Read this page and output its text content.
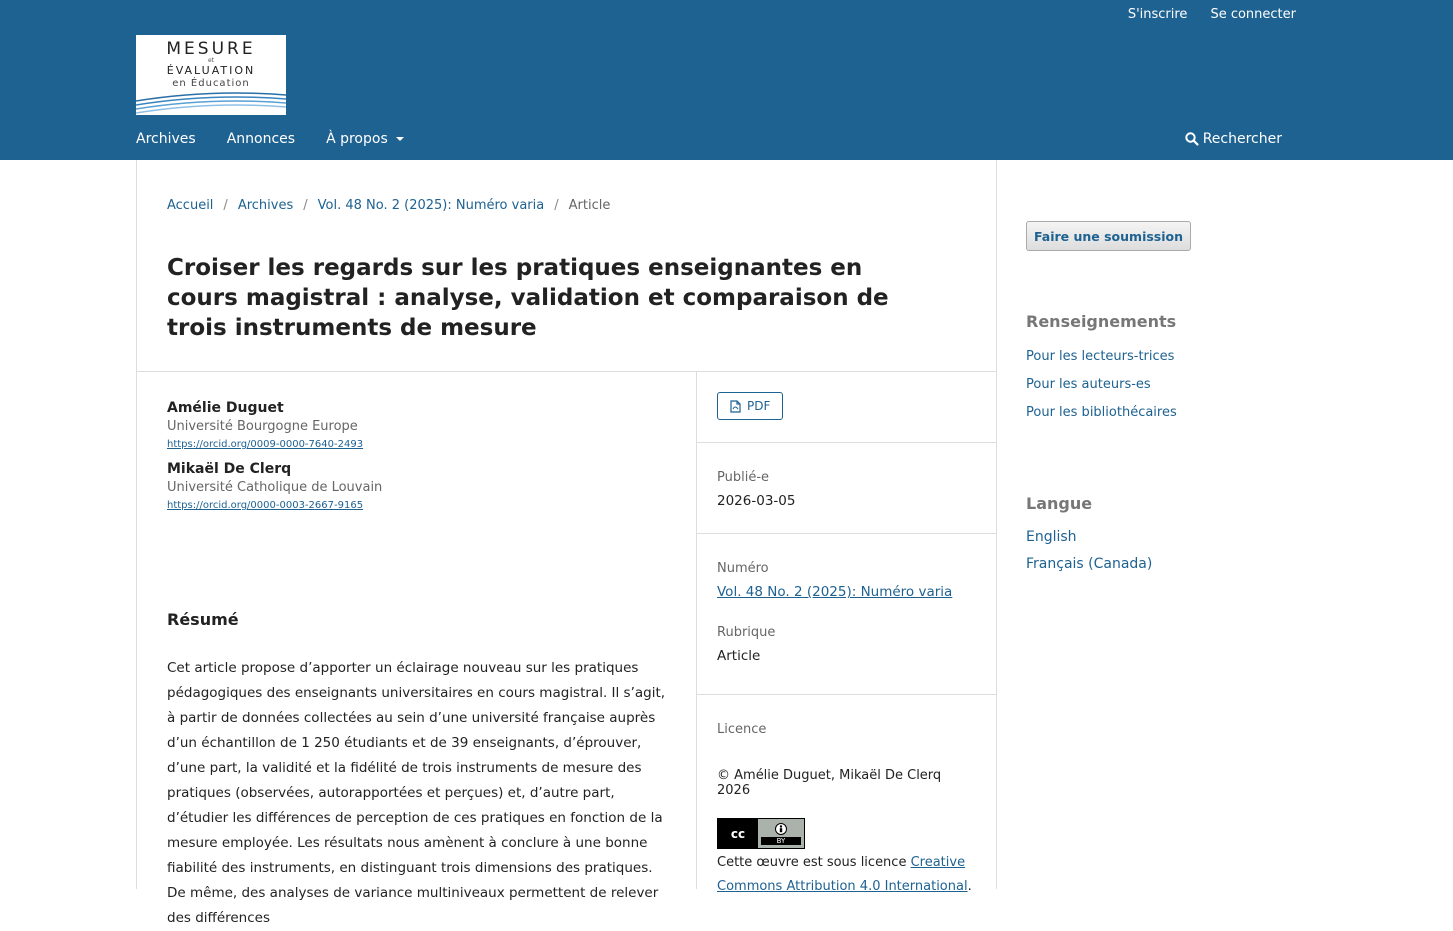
S'inscrire Se connecter
MESURE
et
ÉVALUATION
en Éducation
Archives Annonces À propos	Rechercher
Accueil / Archives / Vol. 48 No. 2 (2025): Numéro varia / Article
Croiser les regards sur les pratiques enseignantes en cours magistral : analyse, validation et comparaison de trois instruments de mesure
Amélie Duguet
Université Bourgogne Europe
https://orcid.org/0009-0000-7640-2493
Mikaël De Clerq
Université Catholique de Louvain
https://orcid.org/0000-0003-2667-9165
Résumé

Cet article propose d’apporter un éclairage nouveau sur les pratiques pédagogiques des enseignants universitaires en cours magistral. Il s’agit, à partir de données collectées au sein d’une université française auprès d’un échantillon de 1 250 étudiants et de 39 enseignants, d’éprouver, d’une part, la validité et la fidélité de trois instruments de mesure des pratiques (observées, autorapportées et perçues) et, d’autre part, d’étudier les différences de perception de ces pratiques en fonction de la mesure employée. Les résultats nous amènent à conclure à une bonne fiabilité des instruments, en distinguant trois dimensions des pratiques. De même, des analyses de variance multiniveaux permettent de relever des différences

PDF
Publié-e
2026-03-05
Numéro
Vol. 48 No. 2 (2025): Numéro varia
Rubrique
Article
Licence
© Amélie Duguet, Mikaël De Clerq 2026
cc	BY
Cette œuvre est sous licence Creative Commons Attribution 4.0 International.
Faire une soumission
Renseignements
Pour les lecteurs-trices
Pour les auteurs-es
Pour les bibliothécaires
Langue
English
Français (Canada)
